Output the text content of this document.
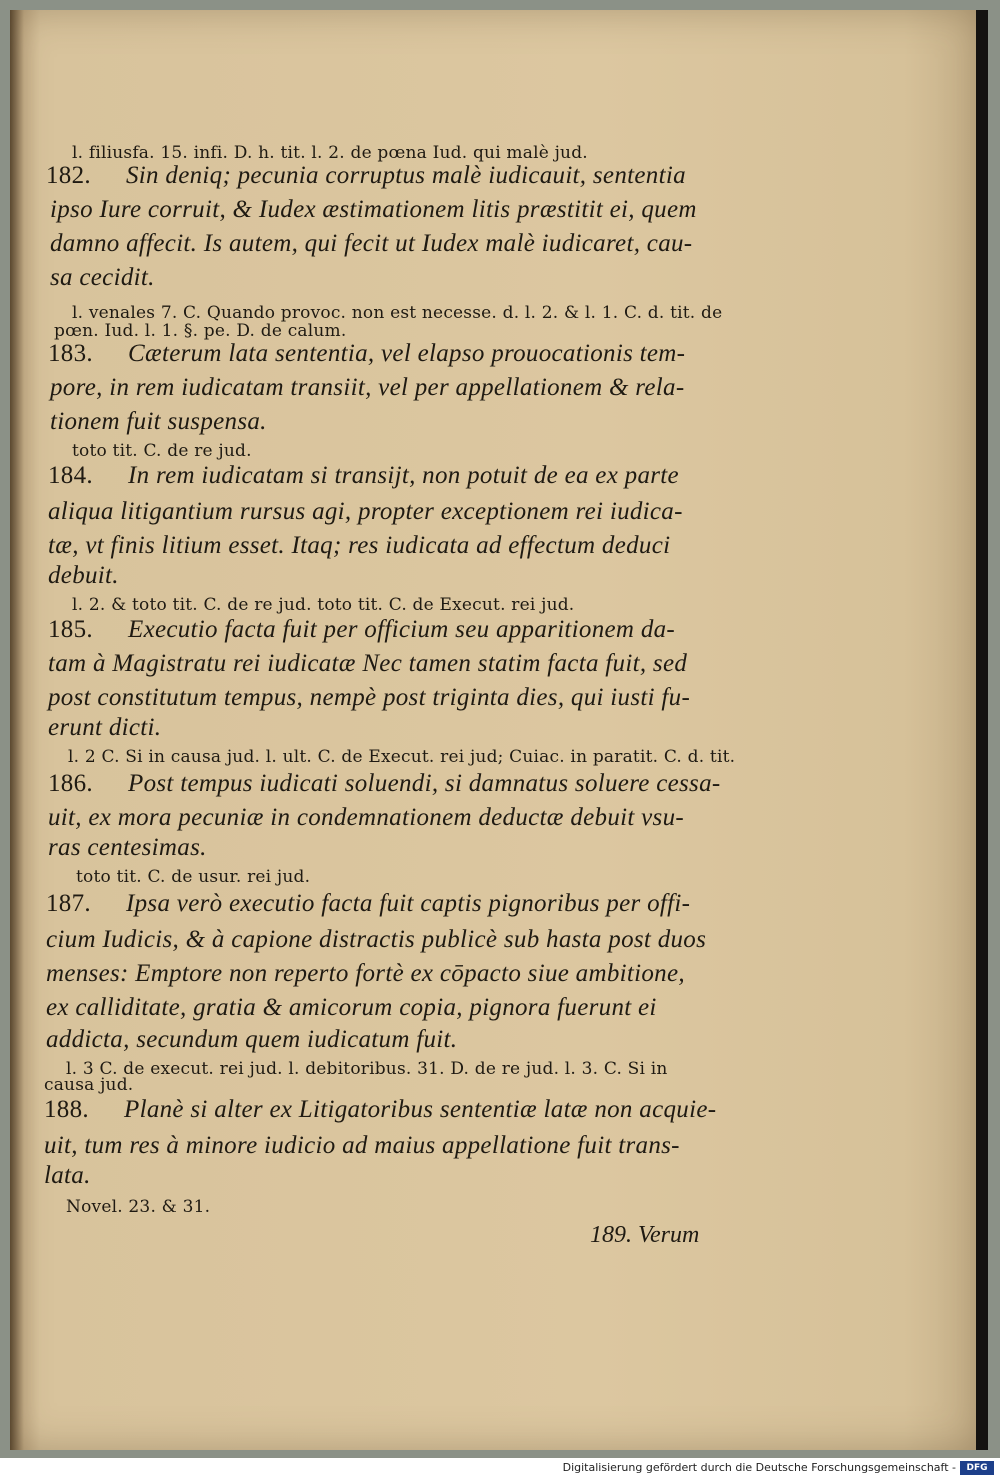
l. filiusfa. 15. infi. D. h. tit. l. 2. de pœna Iud. qui malè jud.
182. Sin deniq; pecunia corruptus malè iudicauit, sententia
ipso Iure corruit, & Iudex æstimationem litis præstitit ei, quem
damno affecit. Is autem, qui fecit ut Iudex malè iudicaret, cau-
sa cecidit.
l. venales 7. C. Quando provoc. non est necesse. d. l. 2. & l. 1. C. d. tit. de
pœn. Iud. l. 1. §. pe. D. de calum.
183. Cæterum lata sententia, vel elapso prouocationis tem-
pore, in rem iudicatam transiit, vel per appellationem & rela-
tionem fuit suspensa.
toto tit. C. de re jud.
184. In rem iudicatam si transijt, non potuit de ea ex parte
aliqua litigantium rursus agi, propter exceptionem rei iudica-
tæ, vt finis litium esset. Itaq; res iudicata ad effectum deduci
debuit.
l. 2. & toto tit. C. de re jud. toto tit. C. de Execut. rei jud.
185. Executio facta fuit per officium seu apparitionem da-
tam à Magistratu rei iudicatæ Nec tamen statim facta fuit, sed
post constitutum tempus, nempè post triginta dies, qui iusti fu-
erunt dicti.
l. 2 C. Si in causa jud. l. ult. C. de Execut. rei jud; Cuiac. in paratit. C. d. tit.
186. Post tempus iudicati soluendi, si damnatus soluere cessa-
uit, ex mora pecuniæ in condemnationem deductæ debuit vsu-
ras centesimas.
toto tit. C. de usur. rei jud.
187. Ipsa verò executio facta fuit captis pignoribus per offi-
cium Iudicis, & à capione distractis publicè sub hasta post duos
menses: Emptore non reperto fortè ex cōpacto siue ambitione,
ex calliditate, gratia & amicorum copia, pignora fuerunt ei
addicta, secundum quem iudicatum fuit.
l. 3 C. de execut. rei jud. l. debitoribus. 31. D. de re jud. l. 3. C. Si in
causa jud.
188. Planè si alter ex Litigatoribus sententiæ latæ non acquie-
uit, tum res à minore iudicio ad maius appellatione fuit trans-
lata.
Novel. 23. & 31.
189. Verum
Digitalisierung gefördert durch die Deutsche Forschungsgemeinschaft -	DFG
